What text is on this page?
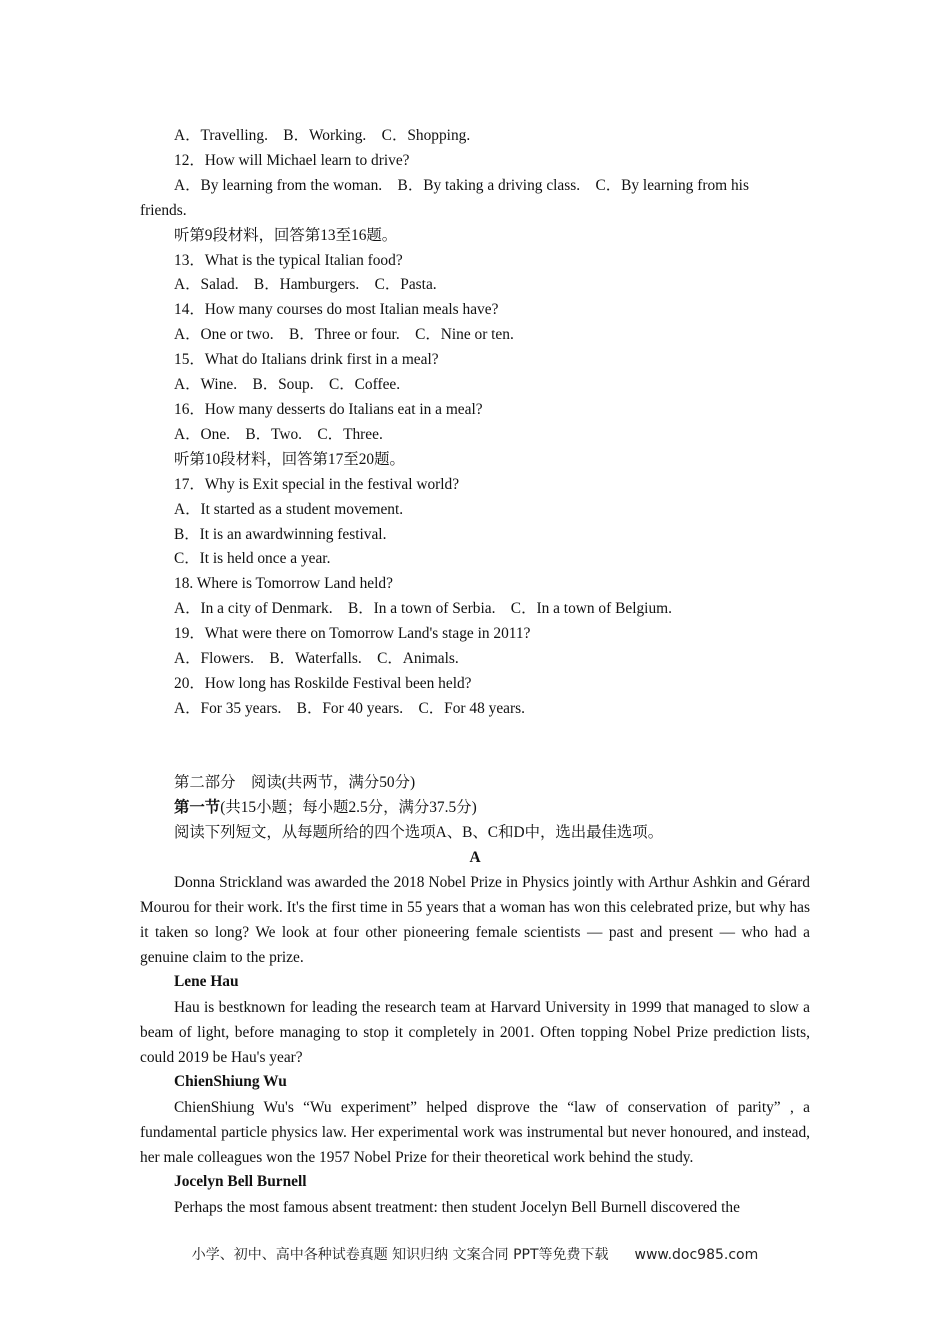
A．Travelling.　B．Working.　C．Shopping.
12．How will Michael learn to drive?
A．By learning from the woman.　B．By taking a driving class.　C．By learning from his
friends.
听第9段材料，回答第13至16题。
13．What is the typical Italian food?
A．Salad.　B．Hamburgers.　C．Pasta.
14．How many courses do most Italian meals have?
A．One or two.　B．Three or four.　C．Nine or ten.
15．What do Italians drink first in a meal?
A．Wine.　B．Soup.　C．Coffee.
16．How many desserts do Italians eat in a meal?
A．One.　B．Two.　C．Three.
听第10段材料，回答第17至20题。
17．Why is Exit special in the festival world?
A．It started as a student movement.
B．It is an awardwinning festival.
C．It is held once a year.
18. Where is Tomorrow Land held?
A．In a city of Denmark.　B．In a town of Serbia.　C．In a town of Belgium.
19．What were there on Tomorrow Land's stage in 2011?
A．Flowers.　B．Waterfalls.　C．Animals.
20．How long has Roskilde Festival been held?
A．For 35 years.　B．For 40 years.　C．For 48 years.
第二部分　阅读(共两节，满分50分)
第一节(共15小题；每小题2.5分，满分37.5分)
阅读下列短文，从每题所给的四个选项A、B、C和D中，选出最佳选项。
A

Donna Strickland was awarded the 2018 Nobel Prize in Physics jointly with Arthur Ashkin and Gérard Mourou for their work. It's the first time in 55 years that a woman has won this celebrated prize, but why has it taken so long? We look at four other pioneering female scientists — past and present — who had a genuine claim to the prize.

Lene Hau

Hau is bestknown for leading the research team at Harvard University in 1999 that managed to slow a beam of light, before managing to stop it completely in 2001. Often topping Nobel Prize prediction lists, could 2019 be Hau's year?

ChienShiung Wu

ChienShiung Wu's “Wu experiment” helped disprove the “law of conservation of parity” , a fundamental particle physics law. Her experimental work was instrumental but never honoured, and instead, her male colleagues won the 1957 Nobel Prize for their theoretical work behind the study.

Jocelyn Bell Burnell

Perhaps the most famous absent treatment: then student Jocelyn Bell Burnell discovered the

小学、初中、高中各种试卷真题 知识归纳 文案合同 PPT等免费下载 www.doc985.com
